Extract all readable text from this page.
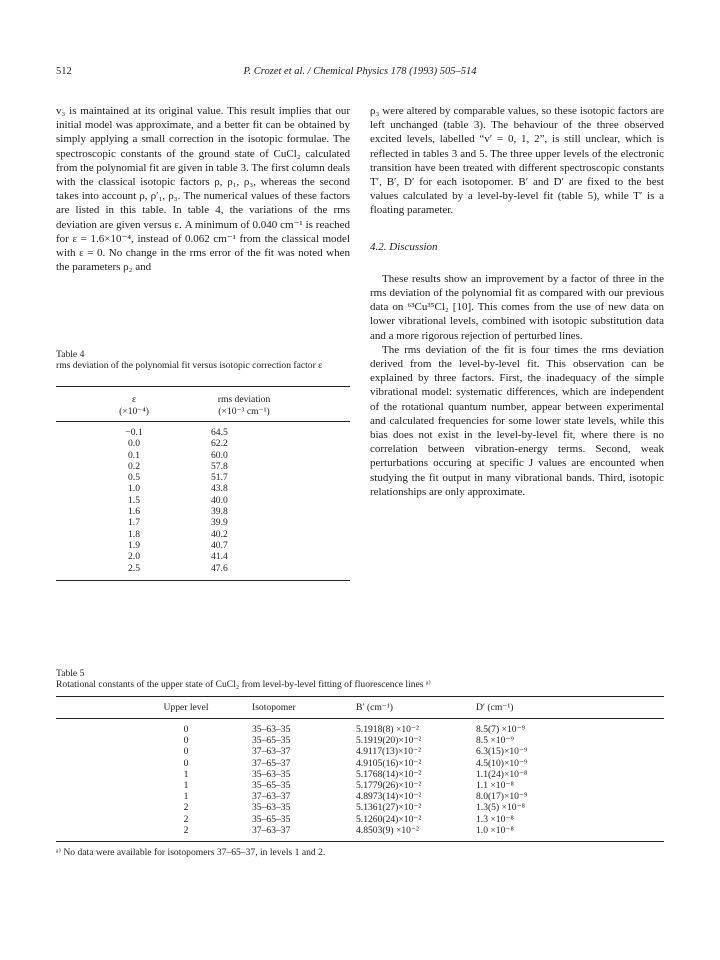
512	P. Crozet et al. / Chemical Physics 178 (1993) 505–514

v₃ is maintained at its original value. This result implies that our initial model was approximate, and a better fit can be obtained by simply applying a small correction in the isotopic formulae. The spectroscopic constants of the ground state of CuCl₂ calculated from the polynomial fit are given in table 3. The first column deals with the classical isotopic factors ρ, ρ₁, ρ₃, whereas the second takes into account ρ, ρ′₁, ρ₃. The numerical values of these factors are listed in this table. In table 4, the variations of the rms deviation are given versus ε. A minimum of 0.040 cm⁻¹ is reached for ε = 1.6×10⁻⁴, instead of 0.062 cm⁻¹ from the classical model with ε = 0. No change in the rms error of the fit was noted when the parameters ρ₂ and

Table 4
rms deviation of the polynomial fit versus isotopic correction factor ε
ε
(×10⁻⁴)
rms deviation
(×10⁻³ cm⁻¹)
−0.1	64.5
0.0	62.2
0.1	60.0
0.2	57.8
0.5	51.7
1.0	43.8
1.5	40.0
1.6	39.8
1.7	39.9
1.8	40.2
1.9	40.7
2.0	41.4
2.5	47.6

ρ₃ were altered by comparable values, so these isotopic factors are left unchanged (table 3). The behaviour of the three observed excited levels, labelled “v′ = 0, 1, 2”, is still unclear, which is reflected in tables 3 and 5. The three upper levels of the electronic transition have been treated with different spectroscopic constants T′, B′, D′ for each isotopomer. B′ and D′ are fixed to the best values calculated by a level-by-level fit (table 5), while T′ is a floating parameter.

4.2. Discussion

These results show an improvement by a factor of three in the rms deviation of the polynomial fit as compared with our previous data on ⁶³Cu³⁵Cl₂ [10]. This comes from the use of new data on lower vibrational levels, combined with isotopic substitution data and a more rigorous rejection of perturbed lines.

The rms deviation of the fit is four times the rms deviation derived from the level-by-level fit. This observation can be explained by three factors. First, the inadequacy of the simple vibrational model: systematic differences, which are independent of the rotational quantum number, appear between experimental and calculated frequencies for some lower state levels, while this bias does not exist in the level-by-level fit, where there is no correlation between vibration-energy terms. Second, weak perturbations occuring at specific J values are encounted when studying the fit output in many vibrational bands. Third, isotopic relationships are only approximate.

Table 5
Rotational constants of the upper state of CuCl₂ from level-by-level fitting of fluorescence lines ᵃ⁾
Upper level	Isotopomer	B′ (cm⁻¹)	D′ (cm⁻¹)
0	35–63–35	5.1918(8) ×10⁻²	8.5(7) ×10⁻⁹
0	35–65–35	5.1919(20)×10⁻²	8.5 ×10⁻⁹
0	37–63–37	4.9117(13)×10⁻²	6.3(15)×10⁻⁹
0	37–65–37	4.9105(16)×10⁻²	4.5(10)×10⁻⁹
1	35–63–35	5.1768(14)×10⁻²	1.1(24)×10⁻⁸
1	35–65–35	5.1779(26)×10⁻²	1.1 ×10⁻⁸
1	37–63–37	4.8973(14)×10⁻²	8.0(17)×10⁻⁹
2	35–63–35	5.1361(27)×10⁻²	1.3(5) ×10⁻⁸
2	35–65–35	5.1260(24)×10⁻²	1.3 ×10⁻⁸
2	37–63–37	4.8503(9) ×10⁻²	1.0 ×10⁻⁸
ᵃ⁾ No data were available for isotopomers 37–65–37, in levels 1 and 2.
